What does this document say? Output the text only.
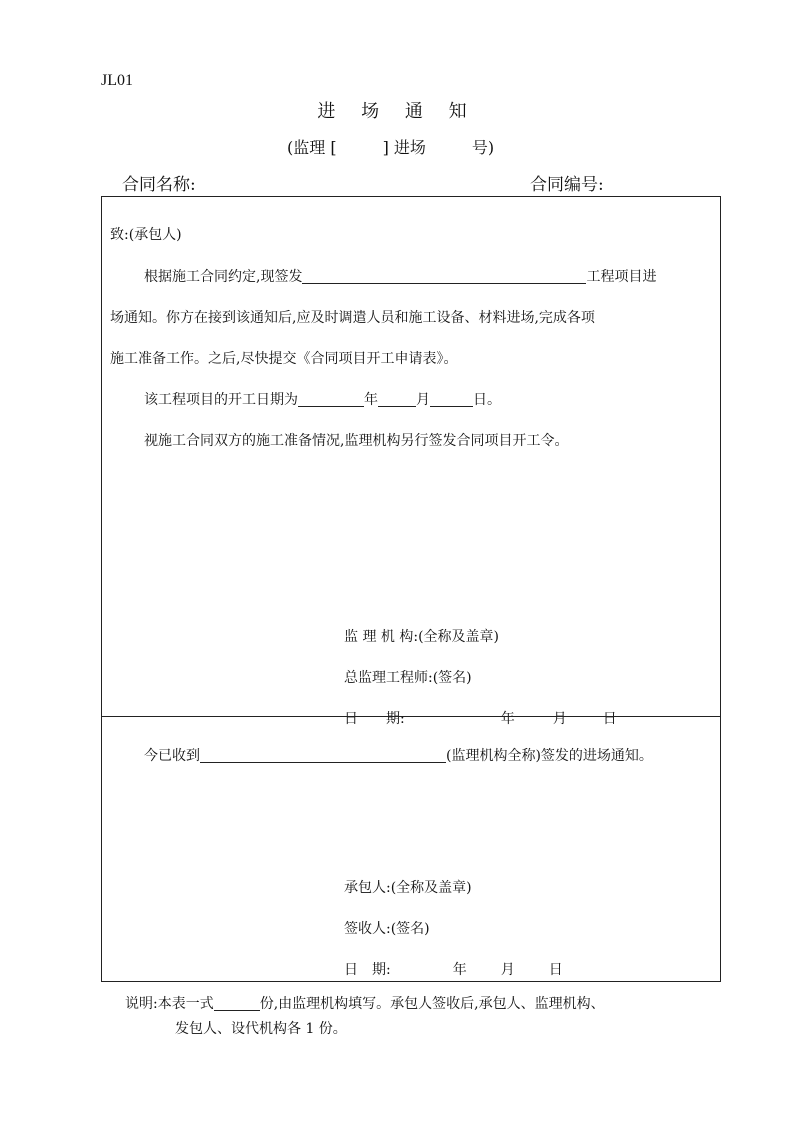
JL01
进 场 通 知
(监理 [	] 进场	号)
合同名称:	合同编号:
致:(承包人)
根据施工合同约定,现签发	工程项目进
场通知。你方在接到该通知后,应及时调遣人员和施工设备、材料进场,完成各项
施工准备工作。之后,尽快提交《合同项目开工申请表》。
该工程项目的开工日期为	年	月	日。
视施工合同双方的施工准备情况,监理机构另行签发合同项目开工令。
监 理 机 构:(全称及盖章)
总监理工程师:(签名)
日　　期:	年	月	日
今已收到	(监理机构全称)签发的进场通知。
承包人:(全称及盖章)
签收人:(签名)
日　期:	年 月 日
说明:本表一式	份,由监理机构填写。承包人签收后,承包人、监理机构、
发包人、设代机构各 1 份。
